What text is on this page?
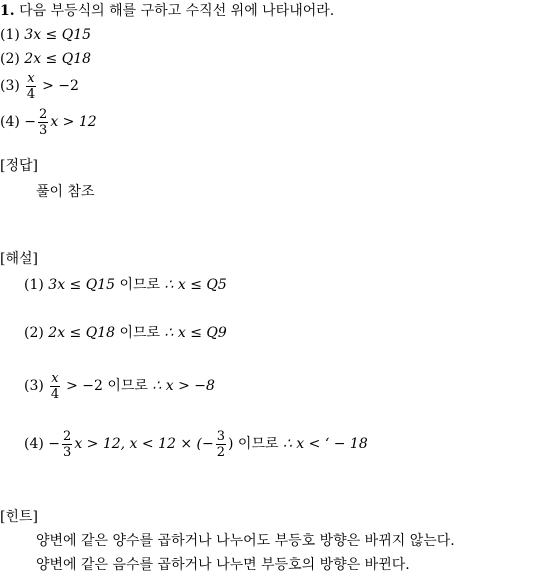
1. 다음 부등식의 해를 구하고 수직선 위에 나타내어라.
(1) 3x ≤ Q15
(2) 2x ≤ Q18
$(3) \frac{x}{4} > -2$
$(4) - \frac{2}{3}$ x > 12
[정답]
풀이 참조
[해설]
(1) 3x ≤ Q15 이므로 ∴ x ≤ Q5
(2) 2x ≤ Q18 이므로 ∴ x ≤ Q9
$(3) \frac{x}{4} > -2$ 이므로 ∴ x > −8
$(4) - \frac{2}{3}$ x > 12, x < 12 × (− $\frac{3}{2}$ ) 이므로 ∴ x < ‘ − 18
[힌트]
양변에 같은 양수를 곱하거나 나누어도 부등호 방향은 바뀌지 않는다.
양변에 같은 음수를 곱하거나 나누면 부등호의 방향은 바뀐다.
